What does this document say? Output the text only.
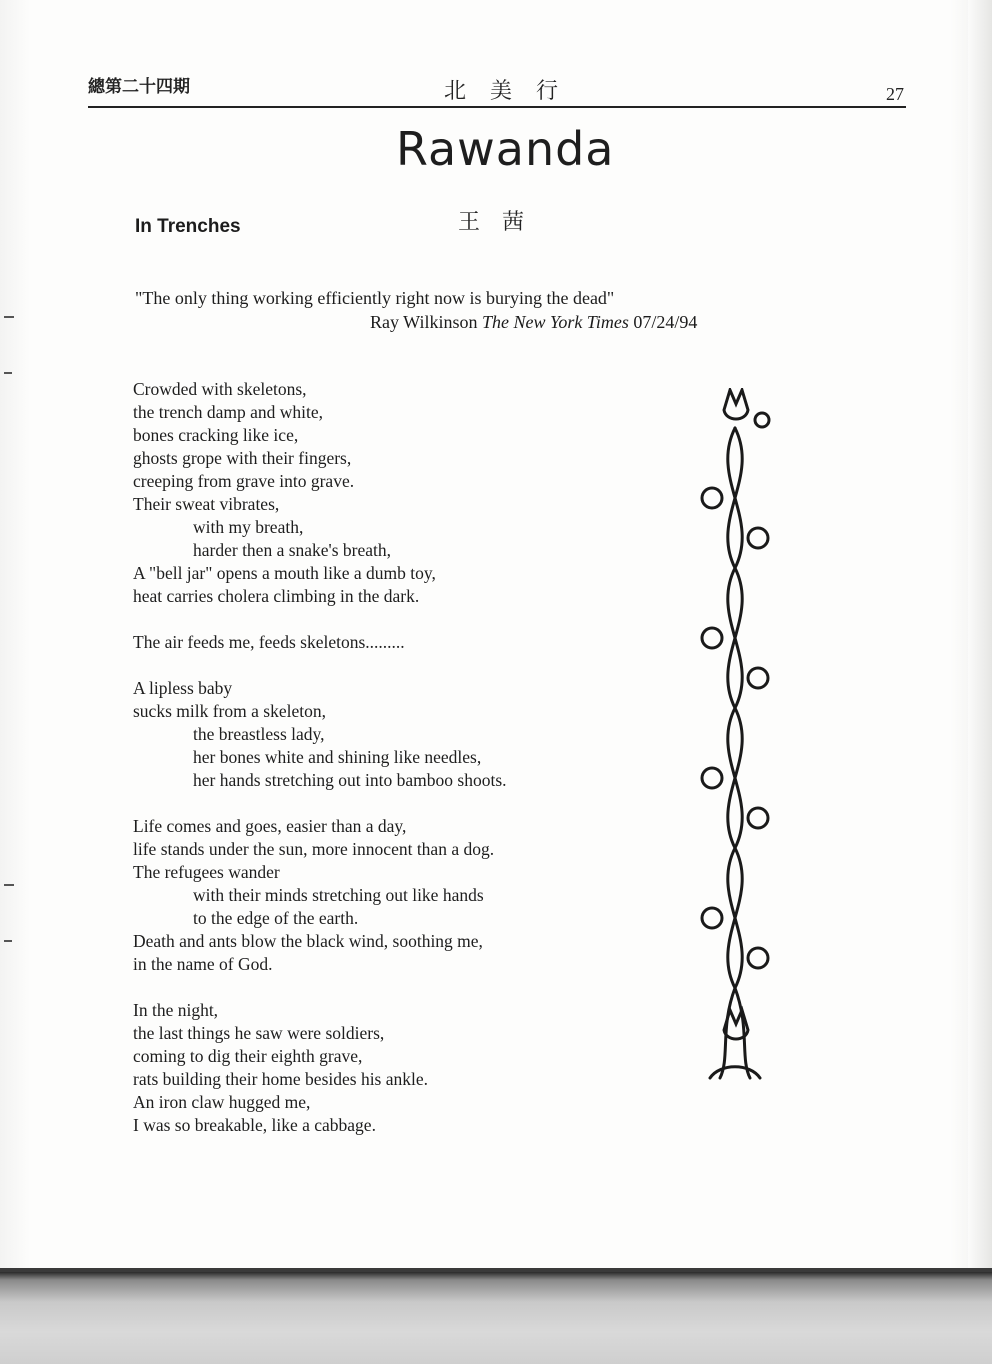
總第二十四期	北美行	27
Rawanda
In Trenches	王茜
"The only thing working efficiently right now is burying the dead"
Ray Wilkinson The New York Times 07/24/94
Crowded with skeletons,
the trench damp and white,
bones cracking like ice,
ghosts grope with their fingers,
creeping from grave into grave.
Their sweat vibrates,
with my breath,
harder then a snake's breath,
A "bell jar" opens a mouth like a dumb toy,
heat carries cholera climbing in the dark.
The air feeds me, feeds skeletons.........
A lipless baby
sucks milk from a skeleton,
the breastless lady,
her bones white and shining like needles,
her hands stretching out into bamboo shoots.
Life comes and goes, easier than a day,
life stands under the sun, more innocent than a dog.
The refugees wander
with their minds stretching out like hands
to the edge of the earth.
Death and ants blow the black wind, soothing me,
in the name of God.
In the night,
the last things he saw were soldiers,
coming to dig their eighth grave,
rats building their home besides his ankle.
An iron claw hugged me,
I was so breakable, like a cabbage.
